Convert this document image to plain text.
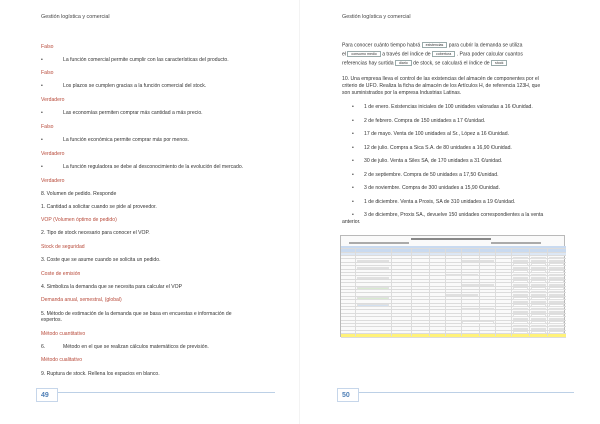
Gestión logística y comercial

Falso

•	La función comercial permite cumplir con las características del producto.

Falso

•	Los plazos se cumplen gracias a la función comercial del stock.

Verdadero

•	Las economías permiten comprar más cantidad a más precio.

Falso

•	La función económica permite comprar más por menos.

Verdadero

•	La función reguladora se debe al desconocimiento de la evolución del mercado.

Verdadero

8. Volumen de pedido. Responde

1. Cantidad a solicitar cuando se pide al proveedor.

VOP (Volumen óptimo de pedido)

2. Tipo de stock necesario para conocer el VOP.

Stock de seguridad

3. Coste que se asume cuando se solicita un pedido.

Coste de emisión

4. Simboliza la demanda que se necesita para calcular el VOP

Demanda anual, semestral, (global)

5. Método de estimación de la demanda que se basa en encuestas e información de

expertos.

Método cuantitativo

6.	Método en el que se realizan cálculos matemáticos de previsión.

Método cualitativo

9. Ruptura de stock. Rellena los espacios en blanco.

49
Gestión logística y comercial

Para conocer cuánto tiempo habrá existencias para cubrir la demanda se utiliza

el consumo medio a través del índice de cobertura . Para poder calcular cuantos

referencias hay surtida diario de stock, se calculará el índice de stock

10. Una empresa lleva el control de las existencias del almacén de componentes por el

criterio de UFO. Realiza la ficha de almacén de los Artículos H, de referencia 123H, que

son suministrados por la empresa Industrias Latinas.

• 1 de enero. Existencias iniciales de 100 unidades valoradas a 16 €/unidad.

• 2 de febrero. Compra de 150 unidades a 17 €/unidad.

• 17 de mayo. Venta de 100 unidades al Sr., López a 16 €/unidad.

• 12 de julio. Compra a Sica S.A. de 80 unidades a 16,90 €/unidad.

• 30 de julio. Venta a Siles SA, de 170 unidades a 31 €/unidad.

• 2 de septiembre. Compra de 50 unidades a 17,50 €/unidad.

• 3 de noviembre. Compra de 300 unidades a 15,90 €/unidad.

• 1 de diciembre. Venta a Proxis, SA de 310 unidades a 19 €/unidad.

• 3 de diciembre, Proxis SA., devuelve 150 unidades correspondientes a la venta

anterior.

50
